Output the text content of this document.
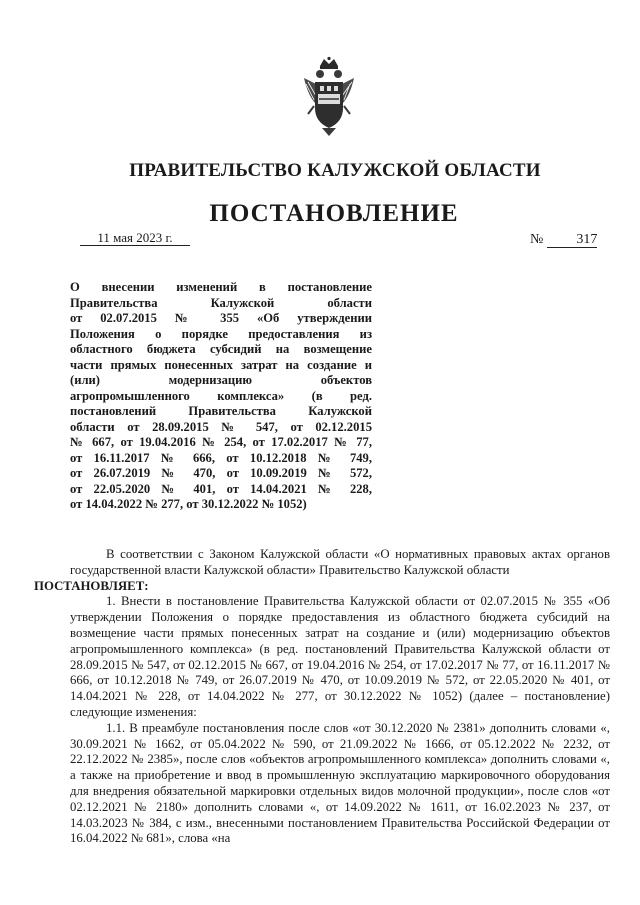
ПРАВИТЕЛЬСТВО КАЛУЖСКОЙ ОБЛАСТИ
ПОСТАНОВЛЕНИЕ
11 мая 2023 г.	№ 317
О внесении изменений в постановление
Правительства Калужской области
от 02.07.2015 № 355 «Об утверждении
Положения о порядке предоставления из
областного бюджета субсидий на возмещение
части прямых понесенных затрат на создание и
(или) модернизацию объектов
агропромышленного комплекса» (в ред.
постановлений Правительства Калужской
области от 28.09.2015 № 547, от 02.12.2015
№ 667, от 19.04.2016 № 254, от 17.02.2017 № 77,
от 16.11.2017 № 666, от 10.12.2018 № 749,
от 26.07.2019 № 470, от 10.09.2019 № 572,
от 22.05.2020 № 401, от 14.04.2021 № 228,
от 14.04.2022 № 277, от 30.12.2022 № 1052)

В соответствии с Законом Калужской области «О нормативных правовых актах органов государственной власти Калужской области» Правительство Калужской области
ПОСТАНОВЛЯЕТ:

1. Внести в постановление Правительства Калужской области от 02.07.2015 № 355 «Об утверждении Положения о порядке предоставления из областного бюджета субсидий на возмещение части прямых понесенных затрат на создание и (или) модернизацию объектов агропромышленного комплекса» (в ред. постановлений Правительства Калужской области от 28.09.2015 № 547, от 02.12.2015 № 667, от 19.04.2016 № 254, от 17.02.2017 № 77, от 16.11.2017 № 666, от 10.12.2018 № 749, от 26.07.2019 № 470, от 10.09.2019 № 572, от 22.05.2020 № 401, от 14.04.2021 № 228, от 14.04.2022 № 277, от 30.12.2022 № 1052) (далее – постановление) следующие изменения:

1.1. В преамбуле постановления после слов «от 30.12.2020 № 2381» дополнить словами «, 30.09.2021 № 1662, от 05.04.2022 № 590, от 21.09.2022 № 1666, от 05.12.2022 № 2232, от 22.12.2022 № 2385», после слов «объектов агропромышленного комплекса» дополнить словами «, а также на приобретение и ввод в промышленную эксплуатацию маркировочного оборудования для внедрения обязательной маркировки отдельных видов молочной продукции», после слов «от 02.12.2021 № 2180» дополнить словами «, от 14.09.2022 № 1611, от 16.02.2023 № 237, от 14.03.2023 № 384, с изм., внесенными постановлением Правительства Российской Федерации от 16.04.2022 № 681», слова «на
